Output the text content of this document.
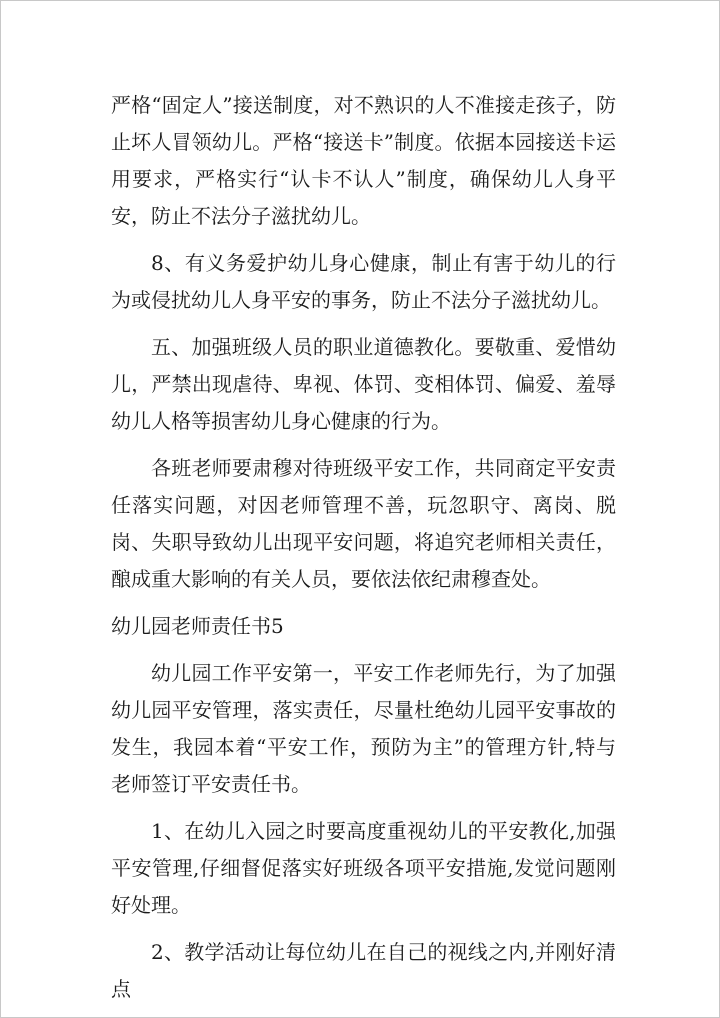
严格“固定人”接送制度，对不熟识的人不准接走孩子，防止坏人冒领幼儿。严格“接送卡”制度。依据本园接送卡运用要求，严格实行“认卡不认人”制度，确保幼儿人身平安，防止不法分子滋扰幼儿。

8、有义务爱护幼儿身心健康，制止有害于幼儿的行为或侵扰幼儿人身平安的事务，防止不法分子滋扰幼儿。

五、加强班级人员的职业道德教化。要敬重、爱惜幼儿，严禁出现虐待、卑视、体罚、变相体罚、偏爱、羞辱幼儿人格等损害幼儿身心健康的行为。

各班老师要肃穆对待班级平安工作，共同商定平安责任落实问题，对因老师管理不善，玩忽职守、离岗、脱岗、失职导致幼儿出现平安问题，将追究老师相关责任，酿成重大影响的有关人员，要依法依纪肃穆查处。

幼儿园老师责任书5

幼儿园工作平安第一，平安工作老师先行，为了加强幼儿园平安管理，落实责任，尽量杜绝幼儿园平安事故的发生，我园本着“平安工作，预防为主”的管理方针,特与老师签订平安责任书。

1、在幼儿入园之时要高度重视幼儿的平安教化,加强平安管理,仔细督促落实好班级各项平安措施,发觉问题刚好处理。

2、教学活动让每位幼儿在自己的视线之内,并刚好清点
